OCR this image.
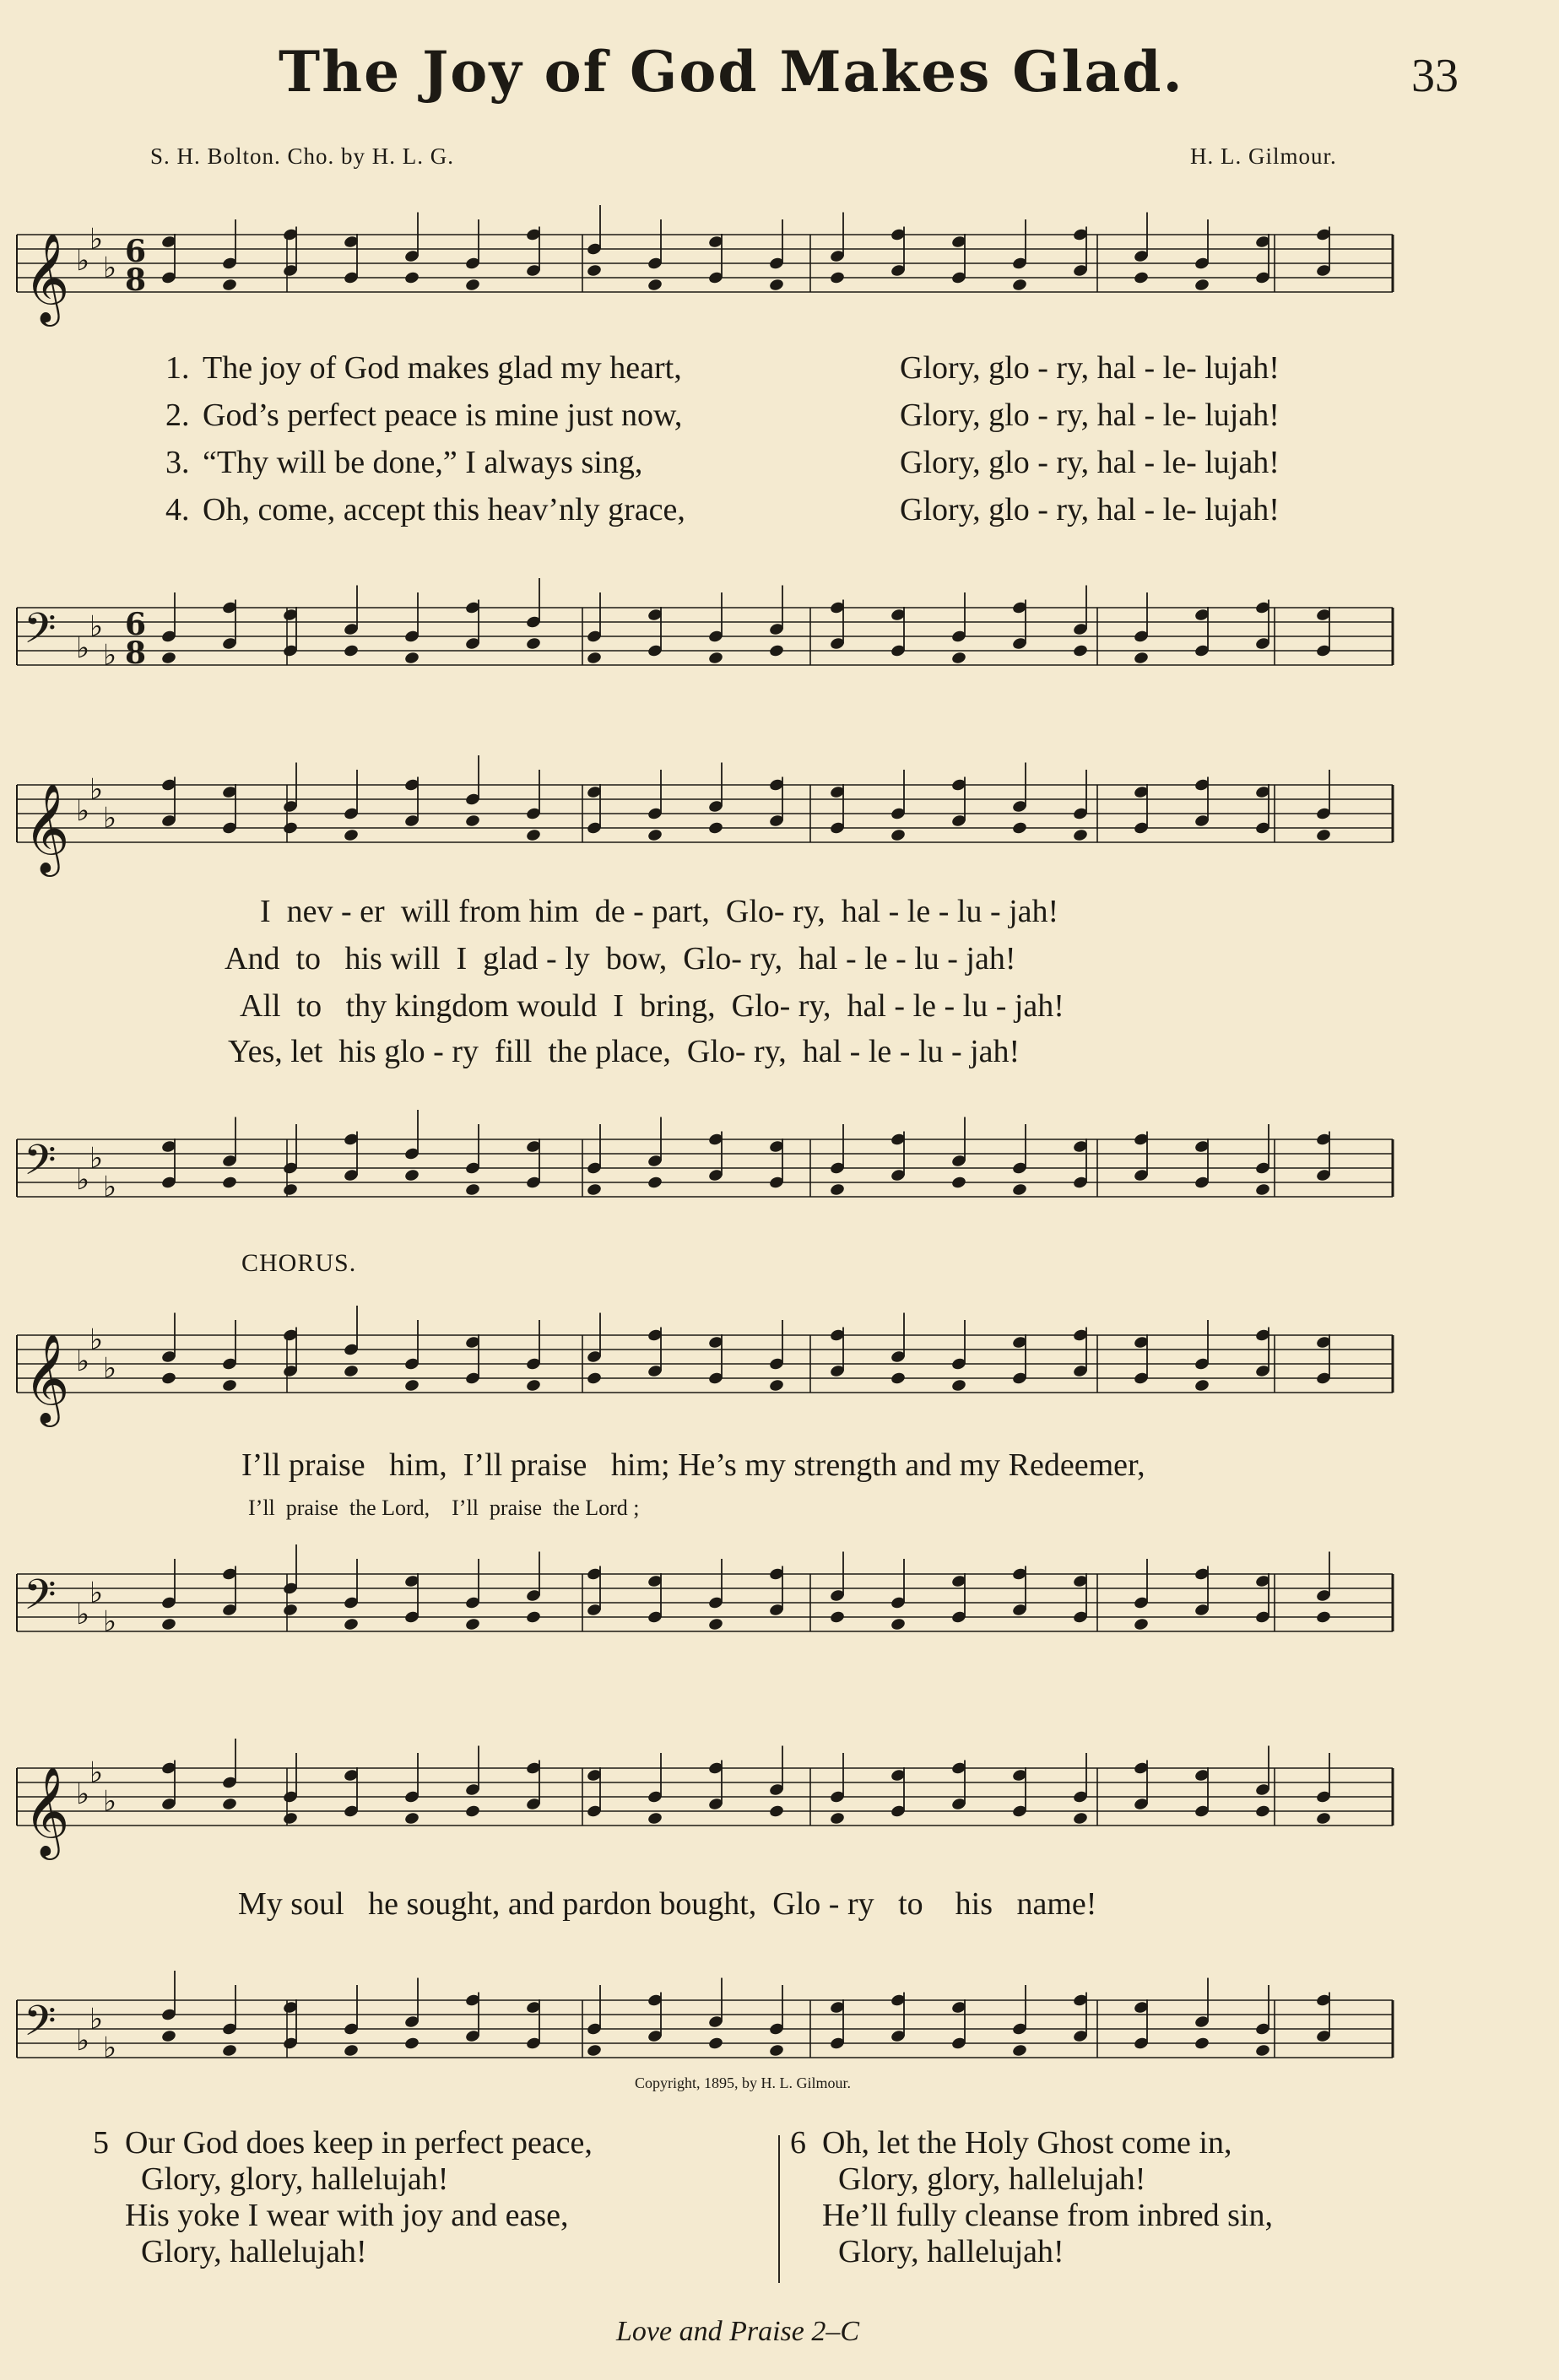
The Joy of God Makes Glad.	33
S. H. Bolton. Cho. by H. L. G.	H. L. Gilmour.
𝄞 ♭
♭
♭ 6
8
𝄢 ♭
♭
♭
6
8
1. The joy of God makes glad my heart,	Glory, glo - ry, hal - le- lujah!
2. God’s perfect peace is mine just now,	Glory, glo - ry, hal - le- lujah!
3. “Thy will be done,” I always sing,	Glory, glo - ry, hal - le- lujah!
4. Oh, come, accept this heav’nly grace,	Glory, glo - ry, hal - le- lujah!
𝄞 ♭
♭
♭
𝄢 ♭
♭
♭
I  nev - er  will from him  de - part,  Glo- ry,  hal - le - lu - jah!
And  to   his will  I  glad - ly  bow,  Glo- ry,  hal - le - lu - jah!
All  to   thy kingdom would  I  bring,  Glo- ry,  hal - le - lu - jah!
Yes, let  his glo - ry  fill  the place,  Glo- ry,  hal - le - lu - jah!
CHORUS.
𝄞 ♭
♭
♭
𝄢 ♭
♭
♭
I’ll praise   him,  I’ll praise   him; He’s my strength and my Redeemer,
I’ll  praise  the Lord,    I’ll  praise  the Lord ;
𝄞 ♭
♭
♭
𝄢 ♭
♭
♭
My soul   he sought, and pardon bought,  Glo - ry   to    his   name!
Copyright, 1895, by H. L. Gilmour.
5  Our God does keep in perfect peace,
Glory, glory, hallelujah!
His yoke I wear with joy and ease,
Glory, hallelujah!
6  Oh, let the Holy Ghost come in,
Glory, glory, hallelujah!
He’ll fully cleanse from inbred sin,
Glory, hallelujah!
Love and Praise 2–C
